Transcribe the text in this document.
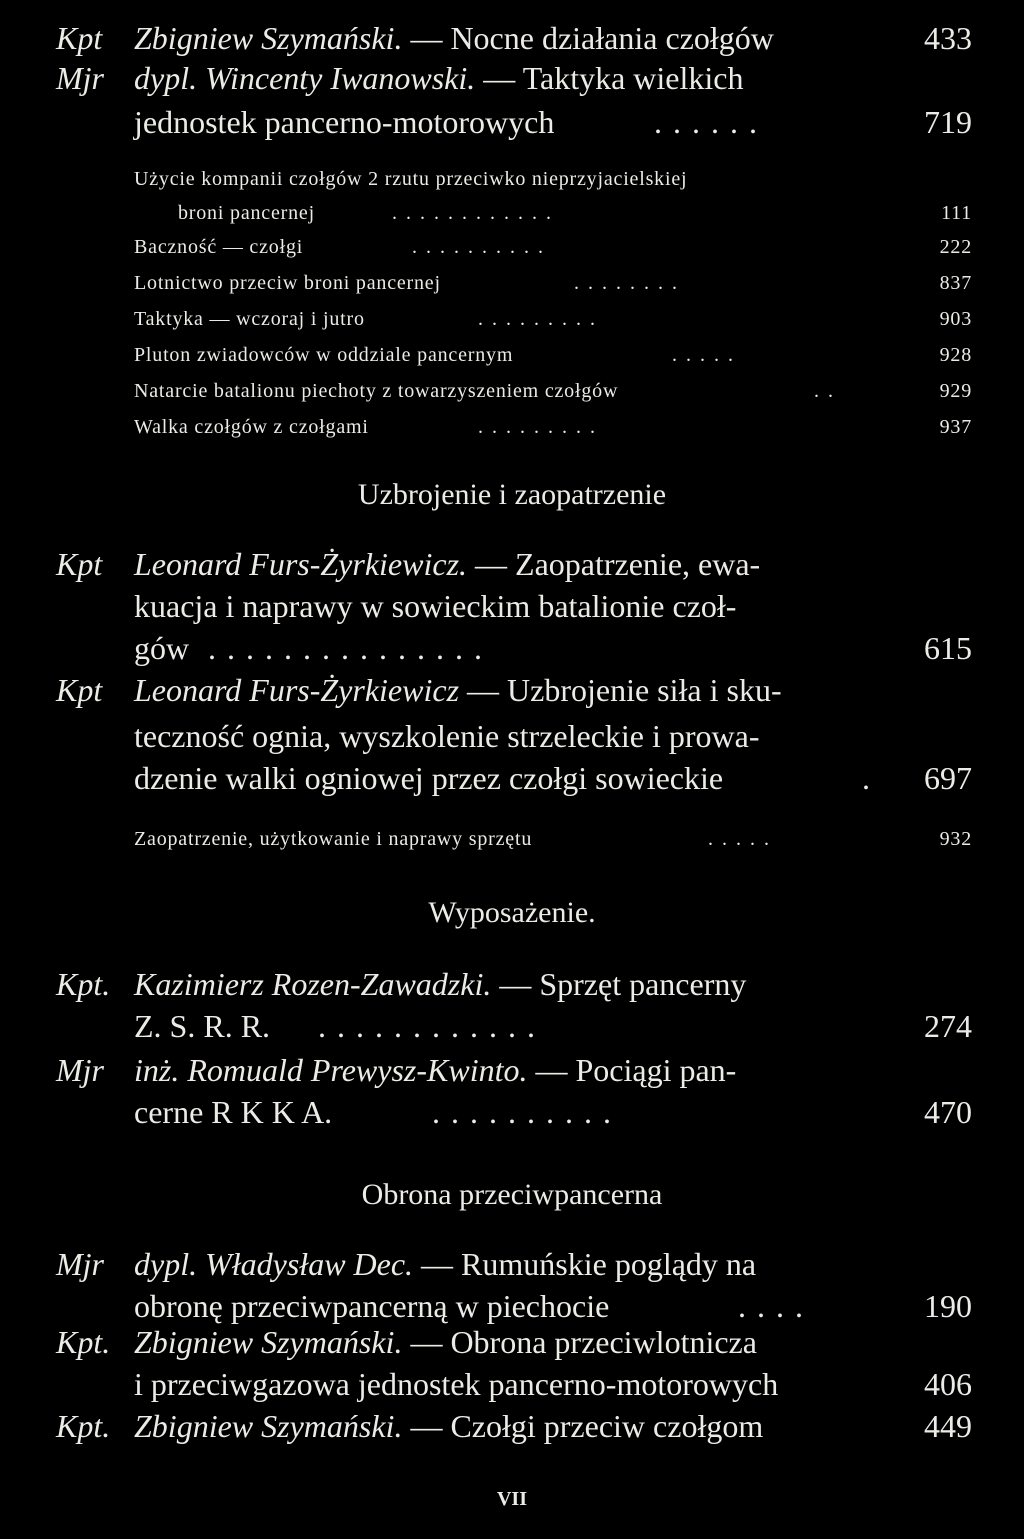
Kpt Zbigniew Szymański. — Nocne działania czołgów	433
Mjr dypl. Wincenty Iwanowski. — Taktyka wielkich
jednostek pancerno-motorowych	......	719
Użycie kompanii czołgów 2 rzutu przeciwko nieprzyjacielskiej
broni pancernej	............	111
Baczność — czołgi	..........	222
Lotnictwo przeciw broni pancernej	........	837
Taktyka — wczoraj i jutro	.........	903
Pluton zwiadowców w oddziale pancernym	.....	928
Natarcie batalionu piechoty z towarzyszeniem czołgów	..	929
Walka czołgów z czołgami	.........	937
Uzbrojenie i zaopatrzenie
Kpt Leonard Furs-Żyrkiewicz. — Zaopatrzenie, ewa-
kuacja i naprawy w sowieckim batalionie czoł-
gów ...............	615
Kpt Leonard Furs-Żyrkiewicz — Uzbrojenie siła i sku-
teczność ognia, wyszkolenie strzeleckie i prowa-
dzenie walki ogniowej przez czołgi sowieckie	. 697
Zaopatrzenie, użytkowanie i naprawy sprzętu	.....	932
Wyposażenie.
Kpt. Kazimierz Rozen-Zawadzki. — Sprzęt pancerny
Z. S. R. R. ............	274
Mjr inż. Romuald Prewysz-Kwinto. — Pociągi pan-
cerne R K K A.	..........	470
Obrona przeciwpancerna
Mjr dypl. Władysław Dec. — Rumuńskie poglądy na
obronę przeciwpancerną w piechocie	....	190
Kpt. Zbigniew Szymański. — Obrona przeciwlotnicza
i przeciwgazowa jednostek pancerno-motorowych	406
Kpt. Zbigniew Szymański. — Czołgi przeciw czołgom	449
VII
